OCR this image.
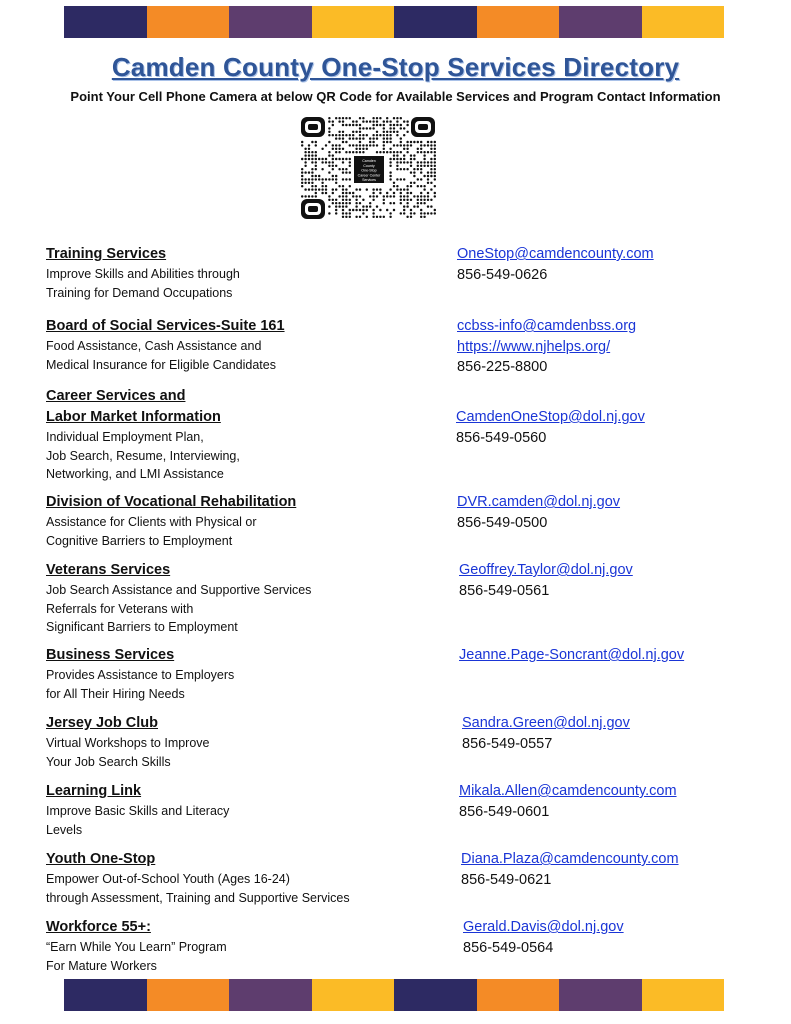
Camden County One-Stop Services Directory
Point Your Cell Phone Camera at below QR Code for Available Services and Program Contact Information
Camden
County
One-Stop
Career Center
Services
Training Services
Improve Skills and Abilities through
Training for Demand Occupations
OneStop@camdencounty.com
856-549-0626
Board of Social Services-Suite 161
Food Assistance, Cash Assistance and
Medical Insurance for Eligible Candidates
ccbss-info@camdenbss.org
https://www.njhelps.org/
856-225-8800
Career Services and
Labor Market Information
Individual Employment Plan,
Job Search, Resume, Interviewing,
Networking, and LMI Assistance
CamdenOneStop@dol.nj.gov
856-549-0560
Division of Vocational Rehabilitation
Assistance for Clients with Physical or
Cognitive Barriers to Employment
DVR.camden@dol.nj.gov
856-549-0500
Veterans Services
Job Search Assistance and Supportive Services
Referrals for Veterans with
Significant Barriers to Employment
Geoffrey.Taylor@dol.nj.gov
856-549-0561
Business Services
Provides Assistance to Employers
for All Their Hiring Needs
Jeanne.Page-Soncrant@dol.nj.gov
Jersey Job Club
Virtual Workshops to Improve
Your Job Search Skills
Sandra.Green@dol.nj.gov
856-549-0557
Learning Link
Improve Basic Skills and Literacy
Levels
Mikala.Allen@camdencounty.com
856-549-0601
Youth One-Stop
Empower Out-of-School Youth (Ages 16-24)
through Assessment, Training and Supportive Services
Diana.Plaza@camdencounty.com
856-549-0621
Workforce 55+:
“Earn While You Learn” Program
For Mature Workers
Gerald.Davis@dol.nj.gov
856-549-0564
